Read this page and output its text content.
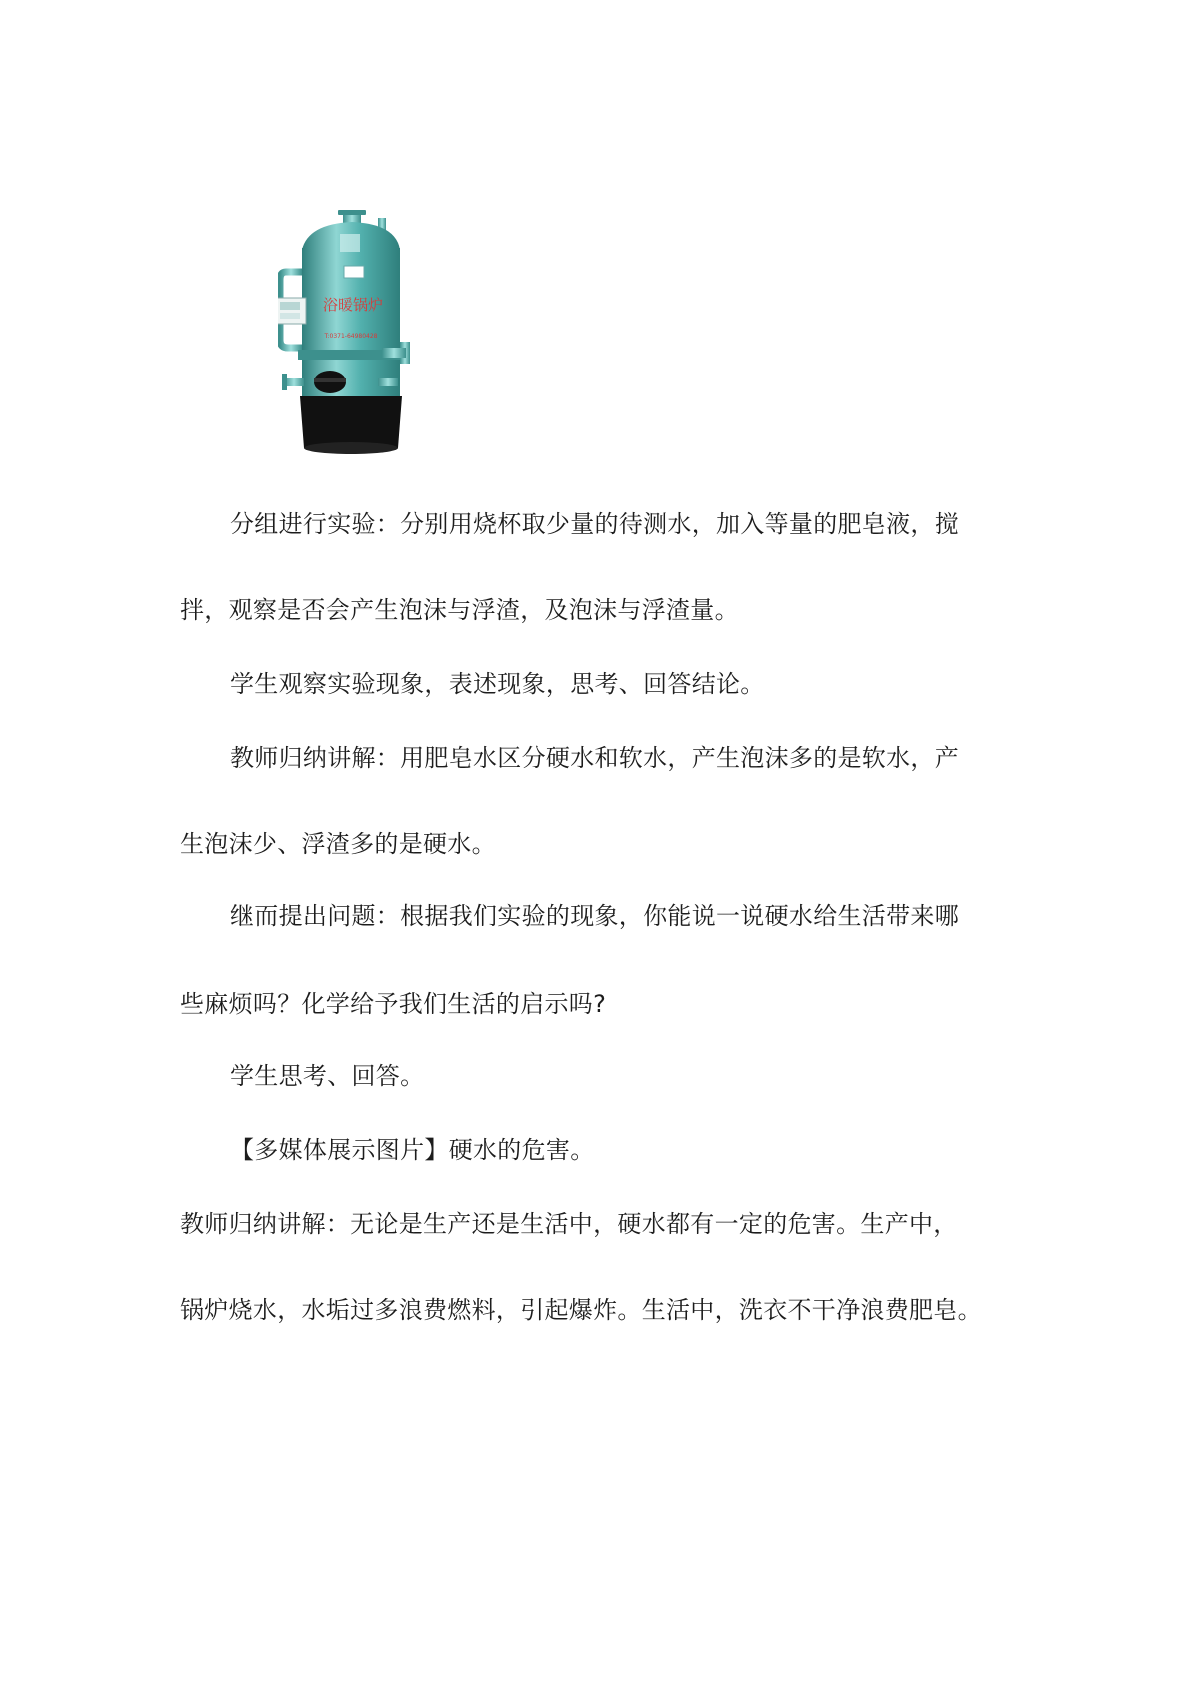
浴暖锅炉
T:0371-64980428
分组进行实验：分别用烧杯取少量的待测水，加入等量的肥皂液，搅
拌，观察是否会产生泡沫与浮渣，及泡沫与浮渣量。
学生观察实验现象，表述现象，思考、回答结论。
教师归纳讲解：用肥皂水区分硬水和软水，产生泡沫多的是软水，产
生泡沫少、浮渣多的是硬水。
继而提出问题：根据我们实验的现象，你能说一说硬水给生活带来哪
些麻烦吗？化学给予我们生活的启示吗?
学生思考、回答。
【多媒体展示图片】硬水的危害。
教师归纳讲解：无论是生产还是生活中，硬水都有一定的危害。生产中，
锅炉烧水，水垢过多浪费燃料，引起爆炸。生活中，洗衣不干净浪费肥皂。
